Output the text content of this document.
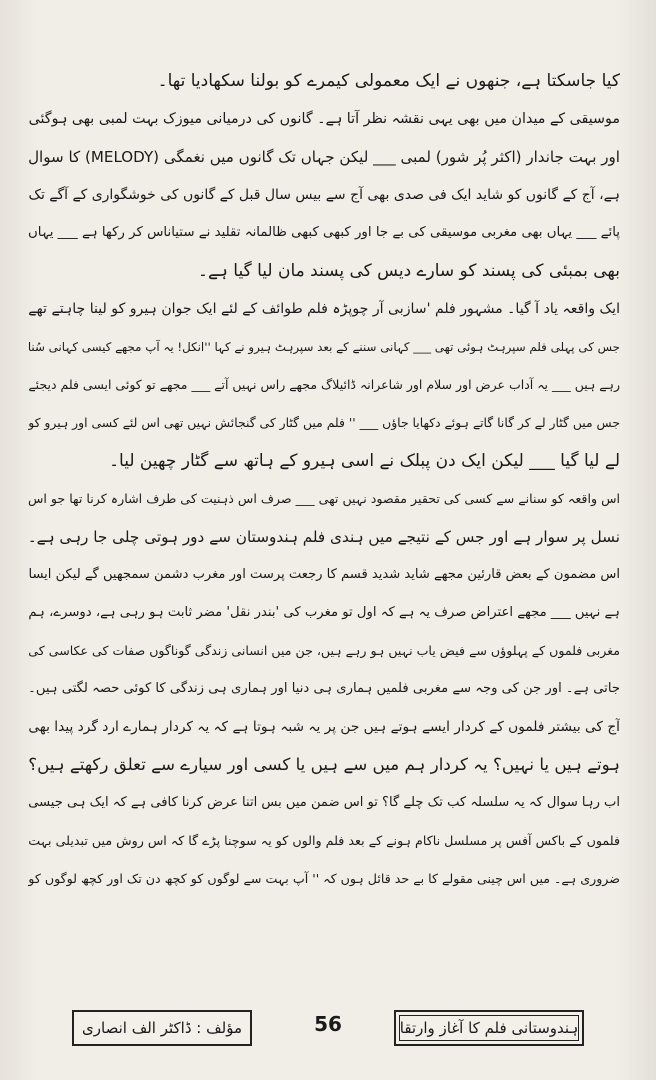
کیا جاسکتا ہے، جنھوں نے ایک معمولی کیمرے کو بولنا سکھادیا تھا۔

موسیقی کے میدان میں بھی یہی نقشہ نظر آتا ہے۔ گانوں کی درمیانی میوزک بہت لمبی بھی ہوگئی

اور بہت جاندار (اکثر پُر شور) لمبی ___ لیکن جہاں تک گانوں میں نغمگی (MELODY) کا سوال

ہے، آج کے گانوں کو شاید ایک فی صدی بھی آج سے بیس سال قبل کے گانوں کی خوشگواری کے آگے تک

پائے ___ یہاں بھی مغربی موسیقی کی بے جا اور کبھی کبھی ظالمانہ تقلید نے ستیاناس کر رکھا ہے ___ یہاں

بھی بمبئی کی پسند کو سارے دیس کی پسند مان لیا گیا ہے۔

ایک واقعہ یاد آ گیا۔ مشہور فلم 'سازبی آر چوپڑہ فلم طوائف کے لئے ایک جوان ہیرو کو لینا چاہتے تھے

جس کی پہلی فلم سپرہٹ ہوئی تھی ___ کہانی سننے کے بعد سپرہٹ ہیرو نے کہا ''انکل! یہ آپ مجھے کیسی کہانی سُنا

رہے ہیں ___ یہ آداب عرض اور سلام اور شاعرانہ ڈائیلاگ مجھے راس نہیں آتے ___ مجھے تو کوئی ایسی فلم دیجئے

جس میں گٹار لے کر گانا گاتے ہوئے دکھایا جاؤں ___ '' فلم میں گٹار کی گنجائش نہیں تھی اس لئے کسی اور ہیرو کو

لے لیا گیا ___ لیکن ایک دن پبلک نے اسی ہیرو کے ہاتھ سے گٹار چھین لیا۔

اس واقعہ کو سنانے سے کسی کی تحقیر مقصود نہیں تھی ___ صرف اس ذہنیت کی طرف اشارہ کرنا تھا جو اس

نسل پر سوار ہے اور جس کے نتیجے میں ہندی فلم ہندوستان سے دور ہوتی چلی جا رہی ہے۔

اس مضمون کے بعض قارئین مجھے شاید شدید قسم کا رجعت پرست اور مغرب دشمن سمجھیں گے لیکن ایسا

ہے نہیں ___ مجھے اعتراض صرف یہ ہے کہ اول تو مغرب کی 'بندر نقل' مضر ثابت ہو رہی ہے، دوسرے، ہم

مغربی فلموں کے پہلوؤں سے فیض یاب نہیں ہو رہے ہیں، جن میں انسانی زندگی گوناگوں صفات کی عکاسی کی

جاتی ہے۔ اور جن کی وجہ سے مغربی فلمیں ہماری ہی دنیا اور ہماری ہی زندگی کا کوئی حصہ لگتی ہیں۔

آج کی بیشتر فلموں کے کردار ایسے ہوتے ہیں جن پر یہ شبہ ہوتا ہے کہ یہ کردار ہمارے ارد گرد پیدا بھی

ہوتے ہیں یا نہیں؟ یہ کردار ہم میں سے ہیں یا کسی اور سیارے سے تعلق رکھتے ہیں؟

اب رہا سوال کہ یہ سلسلہ کب تک چلے گا؟ تو اس ضمن میں بس اتنا عرض کرنا کافی ہے کہ ایک ہی جیسی

فلموں کے باکس آفس پر مسلسل ناکام ہونے کے بعد فلم والوں کو یہ سوچنا پڑے گا کہ اس روش میں تبدیلی بہت

ضروری ہے۔ میں اس چینی مقولے کا بے حد قائل ہوں کہ '' آپ بہت سے لوگوں کو کچھ دن تک اور کچھ لوگوں کو

مؤلف : ڈاکٹر الف انصاری	56	ہندوستانی فلم کا آغاز وارتقا
